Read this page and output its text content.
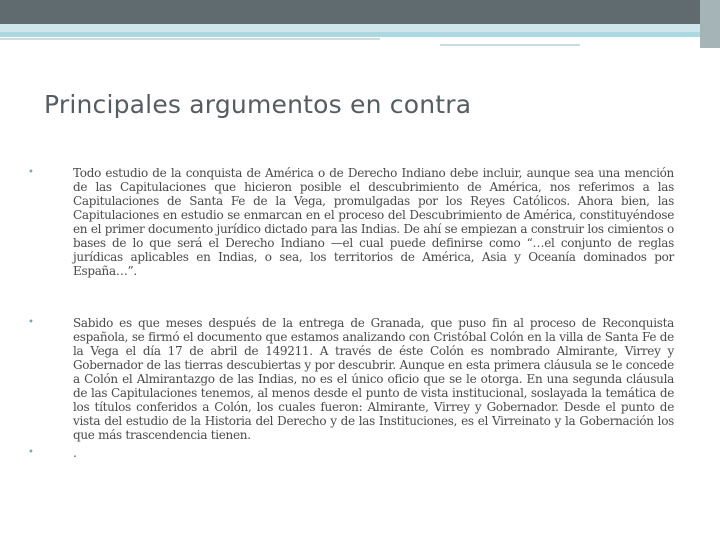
Principales argumentos en contra
•	Todo estudio de la conquista de América o de Derecho Indiano debe incluir, aunque sea una mención de las Capitulaciones que hicieron posible el descubrimiento de América, nos referimos a las Capitulaciones de Santa Fe de la Vega, promulgadas por los Reyes Católicos. Ahora bien, las Capitulaciones en estudio se enmarcan en el proceso del Descubrimiento de América, constituyéndose en el primer documento jurídico dictado para las Indias. De ahí se empiezan a construir los cimientos o bases de lo que será el Derecho Indiano —el cual puede definirse como “…el conjunto de reglas jurídicas aplicables en Indias, o sea, los territorios de América, Asia y Oceanía dominados por España…”.
•	Sabido es que meses después de la entrega de Granada, que puso fin al proceso de Reconquista española, se firmó el documento que estamos analizando con Cristóbal Colón en la villa de Santa Fe de la Vega el día 17 de abril de 149211. A través de éste Colón es nombrado Almirante, Virrey y Gobernador de las tierras descubiertas y por descubrir. Aunque en esta primera cláusula se le concede a Colón el Almirantazgo de las Indias, no es el único oficio que se le otorga. En una segunda cláusula de las Capitulaciones tenemos, al menos desde el punto de vista institucional, soslayada la temática de los títulos conferidos a Colón, los cuales fueron: Almirante, Virrey y Gobernador. Desde el punto de vista del estudio de la Historia del Derecho y de las Instituciones, es el Virreinato y la Gobernación los que más trascendencia tienen.
•	.
